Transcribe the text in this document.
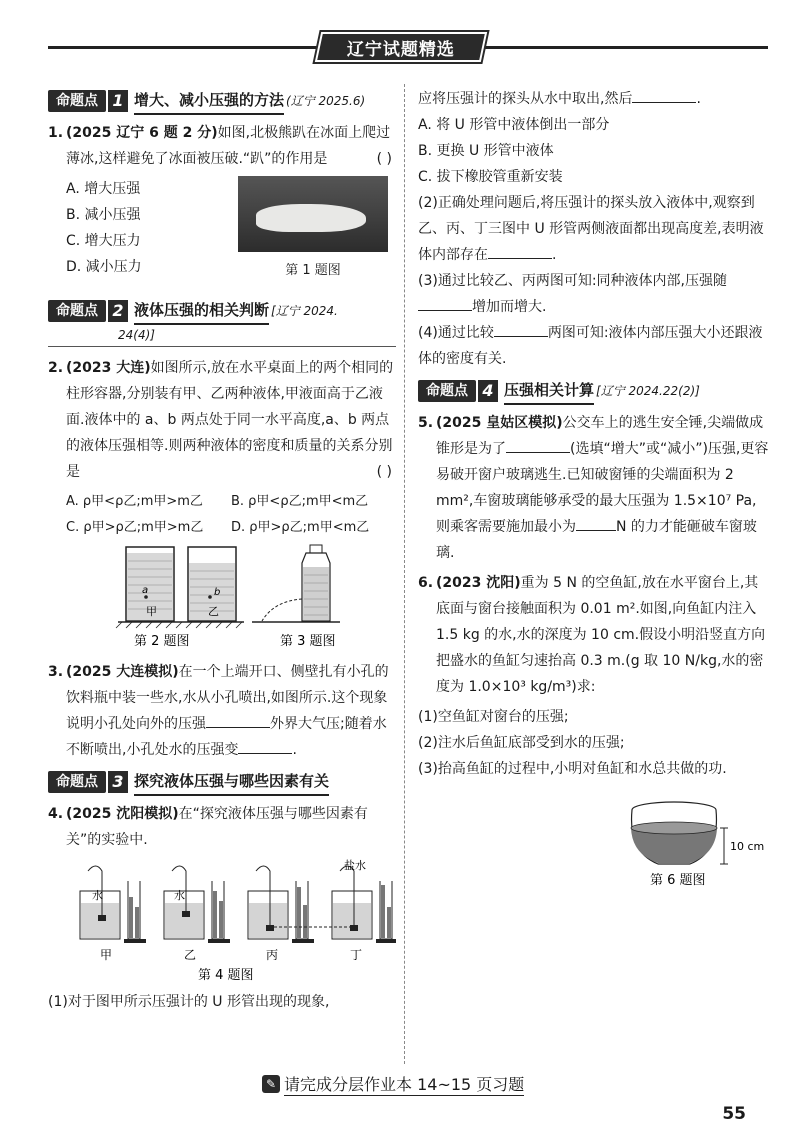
辽宁试题精选
命题点 1 增大、减小压强的方法 (辽宁 2025.6)
1. (2025 辽宁 6 题 2 分)如图,北极熊趴在冰面上爬过薄冰,这样避免了冰面被压破.“趴”的作用是	( )
A. 增大压强
B. 减小压强
C. 增大压力
D. 减小压力	第 1 题图
命题点 2 液体压强的相关判断 [辽宁 2024.
24(4)]
2. (2023 大连)如图所示,放在水平桌面上的两个相同的柱形容器,分别装有甲、乙两种液体,甲液面高于乙液面.液体中的 a、b 两点处于同一水平高度,a、b 两点的液体压强相等.则两种液体的密度和质量的关系分别是	( )
A. ρ甲<ρ乙;m甲>m乙	B. ρ甲<ρ乙;m甲<m乙
C. ρ甲>ρ乙;m甲>m乙	D. ρ甲>ρ乙;m甲<m乙
a	b
甲	乙
第 2 题图	第 3 题图
3. (2025 大连模拟)在一个上端开口、侧壁扎有小孔的饮料瓶中装一些水,水从小孔喷出,如图所示.这个现象说明小孔处向外的压强	外界大气压;随着水不断喷出,小孔处水的压强变	.
命题点 3 探究液体压强与哪些因素有关
4. (2025 沈阳模拟)在“探究液体压强与哪些因素有关”的实验中.
水	水
盐水
甲	乙	丙	丁
第 4 题图
(1)对于图甲所示压强计的 U 形管出现的现象,
应将压强计的探头从水中取出,然后	.
A. 将 U 形管中液体倒出一部分
B. 更换 U 形管中液体
C. 拔下橡胶管重新安装
(2)正确处理问题后,将压强计的探头放入液体中,观察到乙、丙、丁三图中 U 形管两侧液面都出现高度差,表明液体内部存在	.
(3)通过比较乙、丙两图可知:同种液体内部,压强随增加而增大.
(4)通过比较	两图可知:液体内部压强大小还跟液体的密度有关.
命题点 4 压强相关计算 [辽宁 2024.22(2)]
5. (2025 皇姑区模拟)公交车上的逃生安全锤,尖端做成锥形是为了	(选填“增大”或“减小”)压强,更容易破开窗户玻璃逃生.已知破窗锤的尖端面积为 2 mm²,车窗玻璃能够承受的最大压强为 1.5×10⁷ Pa,则乘客需要施加最小为	N 的力才能砸破车窗玻璃.
6. (2023 沈阳)重为 5 N 的空鱼缸,放在水平窗台上,其底面与窗台接触面积为 0.01 m².如图,向鱼缸内注入 1.5 kg 的水,水的深度为 10 cm.假设小明沿竖直方向把盛水的鱼缸匀速抬高 0.3 m.(g 取 10 N/kg,水的密度为 1.0×10³ kg/m³)求:
(1)空鱼缸对窗台的压强;
(2)注水后鱼缸底部受到水的压强;
(3)抬高鱼缸的过程中,小明对鱼缸和水总共做的功.
10 cm
第 6 题图
✎ 请完成分层作业本 14~15 页习题
55
